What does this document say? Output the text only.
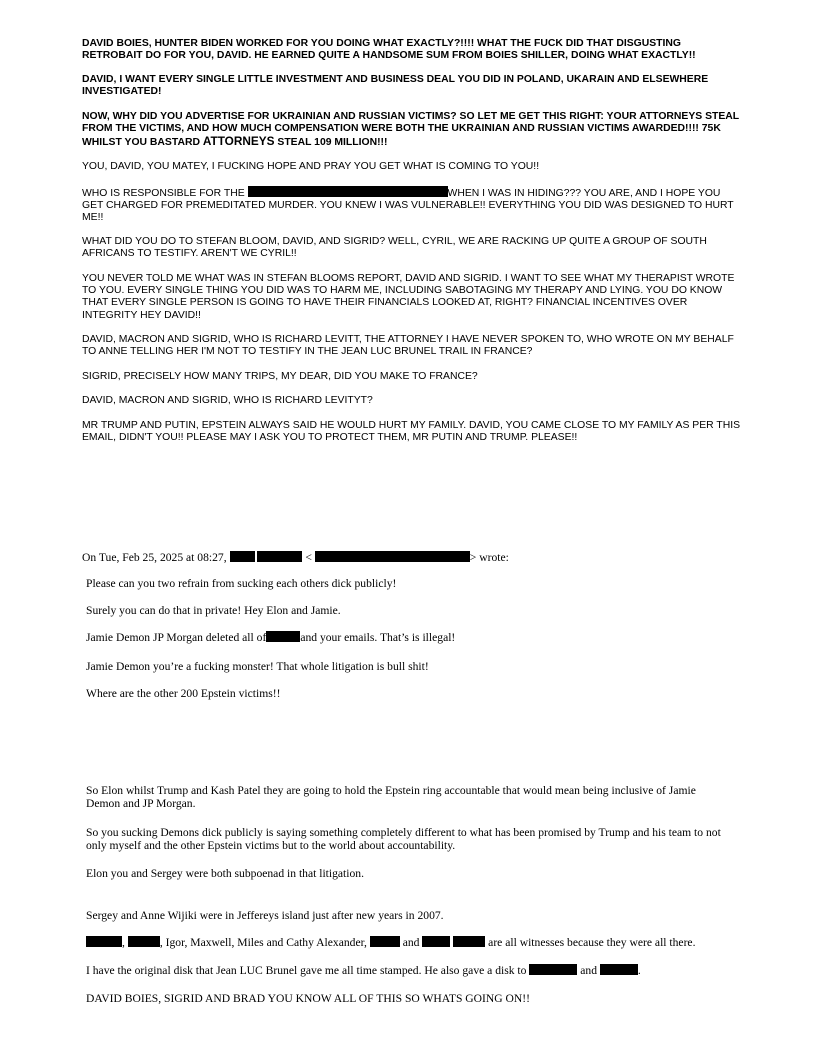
DAVID BOIES, HUNTER BIDEN WORKED FOR YOU DOING WHAT EXACTLY?!!!! WHAT THE FUCK DID THAT DISGUSTING RETROBAIT DO FOR YOU, DAVID. HE EARNED QUITE A HANDSOME SUM FROM BOIES SHILLER, DOING WHAT EXACTLY!!

DAVID, I WANT EVERY SINGLE LITTLE INVESTMENT AND BUSINESS DEAL YOU DID IN POLAND, UKARAIN AND ELSEWHERE INVESTIGATED!

NOW, WHY DID YOU ADVERTISE FOR UKRAINIAN AND RUSSIAN VICTIMS? SO LET ME GET THIS RIGHT: YOUR ATTORNEYS STEAL FROM THE VICTIMS, AND HOW MUCH COMPENSATION WERE BOTH THE UKRAINIAN AND RUSSIAN VICTIMS AWARDED!!!! 75K WHILST YOU BASTARD ATTORNEYS STEAL 109 MILLION!!!

YOU, DAVID, YOU MATEY, I FUCKING HOPE AND PRAY YOU GET WHAT IS COMING TO YOU!!

WHO IS RESPONSIBLE FOR THE	WHEN I WAS IN HIDING??? YOU ARE, AND I HOPE YOU GET CHARGED FOR PREMEDITATED MURDER. YOU KNEW I WAS VULNERABLE!! EVERYTHING YOU DID WAS DESIGNED TO HURT ME!!

WHAT DID YOU DO TO STEFAN BLOOM, DAVID, AND SIGRID? WELL, CYRIL, WE ARE RACKING UP QUITE A GROUP OF SOUTH AFRICANS TO TESTIFY. AREN'T WE CYRIL!!

YOU NEVER TOLD ME WHAT WAS IN STEFAN BLOOMS REPORT, DAVID AND SIGRID. I WANT TO SEE WHAT MY THERAPIST WROTE TO YOU. EVERY SINGLE THING YOU DID WAS TO HARM ME, INCLUDING SABOTAGING MY THERAPY AND LYING. YOU DO KNOW THAT EVERY SINGLE PERSON IS GOING TO HAVE THEIR FINANCIALS LOOKED AT, RIGHT? FINANCIAL INCENTIVES OVER INTEGRITY HEY DAVID!!

DAVID, MACRON AND SIGRID, WHO IS RICHARD LEVITT, THE ATTORNEY I HAVE NEVER SPOKEN TO, WHO WROTE ON MY BEHALF TO ANNE TELLING HER I'M NOT TO TESTIFY IN THE JEAN LUC BRUNEL TRAIL IN FRANCE?

SIGRID, PRECISELY HOW MANY TRIPS, MY DEAR, DID YOU MAKE TO FRANCE?

DAVID, MACRON AND SIGRID, WHO IS RICHARD LEVITYT?

MR TRUMP AND PUTIN, EPSTEIN ALWAYS SAID HE WOULD HURT MY FAMILY. DAVID, YOU CAME CLOSE TO MY FAMILY AS PER THIS EMAIL, DIDN'T YOU!! PLEASE MAY I ASK YOU TO PROTECT THEM, MR PUTIN AND TRUMP. PLEASE!!

On Tue, Feb 25, 2025 at 08:27,	<	> wrote:

Please can you two refrain from sucking each others dick publicly!

Surely you can do that in private! Hey Elon and Jamie.

Jamie Demon JP Morgan deleted all of	and your emails. That’s is illegal!

Jamie Demon you’re a fucking monster! That whole litigation is bull shit!

Where are the other 200 Epstein victims!!

So Elon whilst Trump and Kash Patel they are going to hold the Epstein ring accountable that would mean being inclusive of Jamie Demon and JP Morgan.

So you sucking Demons dick publicly is saying something completely different to what has been promised by Trump and his team to not only myself and the other Epstein victims but to the world about accountability.

Elon you and Sergey were both subpoenad in that litigation.

Sergey and Anne Wijiki were in Jeffereys island just after new years in 2007.

,	, Igor, Maxwell, Miles and Cathy Alexander,	and	are all witnesses because they were all there.

I have the original disk that Jean LUC Brunel gave me all time stamped. He also gave a disk to	and	.

DAVID BOIES, SIGRID AND BRAD YOU KNOW ALL OF THIS SO WHATS GOING ON!!
